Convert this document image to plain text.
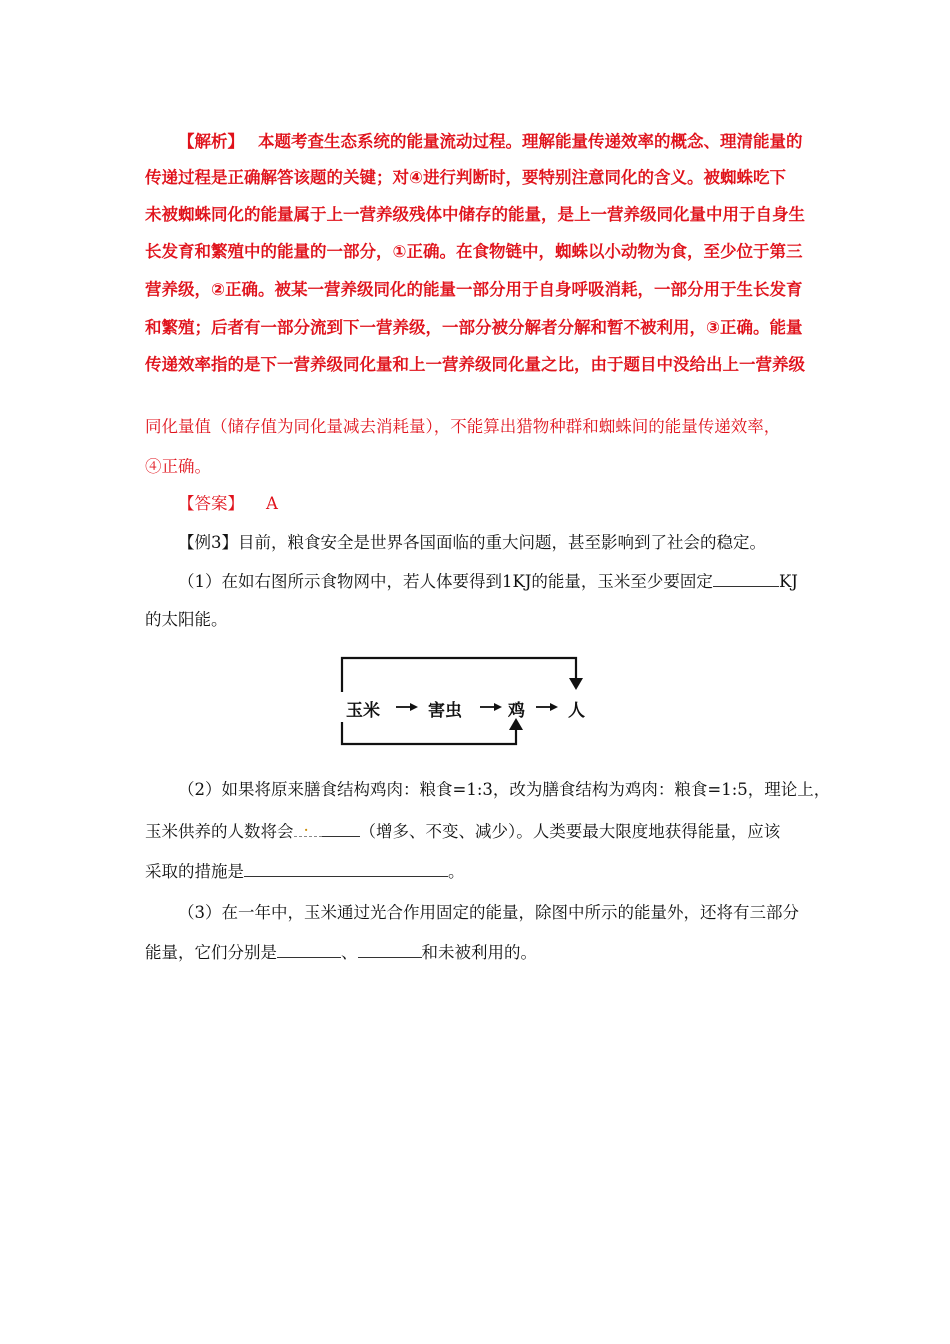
【解析】 本题考查生态系统的能量流动过程。理解能量传递效率的概念、理清能量的
传递过程是正确解答该题的关键；对④进行判断时，要特别注意同化的含义。被蜘蛛吃下
未被蜘蛛同化的能量属于上一营养级残体中储存的能量，是上一营养级同化量中用于自身生
长发育和繁殖中的能量的一部分，①正确。在食物链中，蜘蛛以小动物为食，至少位于第三
营养级，②正确。被某一营养级同化的能量一部分用于自身呼吸消耗，一部分用于生长发育
和繁殖；后者有一部分流到下一营养级，一部分被分解者分解和暂不被利用，③正确。能量
传递效率指的是下一营养级同化量和上一营养级同化量之比，由于题目中没给出上一营养级
同化量值（储存值为同化量减去消耗量），不能算出猎物种群和蜘蛛间的能量传递效率，
④正确。
【答案】 A
【例3】目前，粮食安全是世界各国面临的重大问题，甚至影响到了社会的稳定。
（1）在如右图所示食物网中，若人体要得到1KJ的能量，玉米至少要固定	KJ
的太阳能。
玉米	害虫	鸡	人
（2）如果将原来膳食结构鸡肉：粮食=1:3，改为膳食结构为鸡肉：粮食=1:5，理论上，
玉米供养的人数将会 .	（增多、不变、减少）。人类要最大限度地获得能量，应该
采取的措施是	。
（3）在一年中，玉米通过光合作用固定的能量，除图中所示的能量外，还将有三部分
能量，它们分别是	、	和未被利用的。
